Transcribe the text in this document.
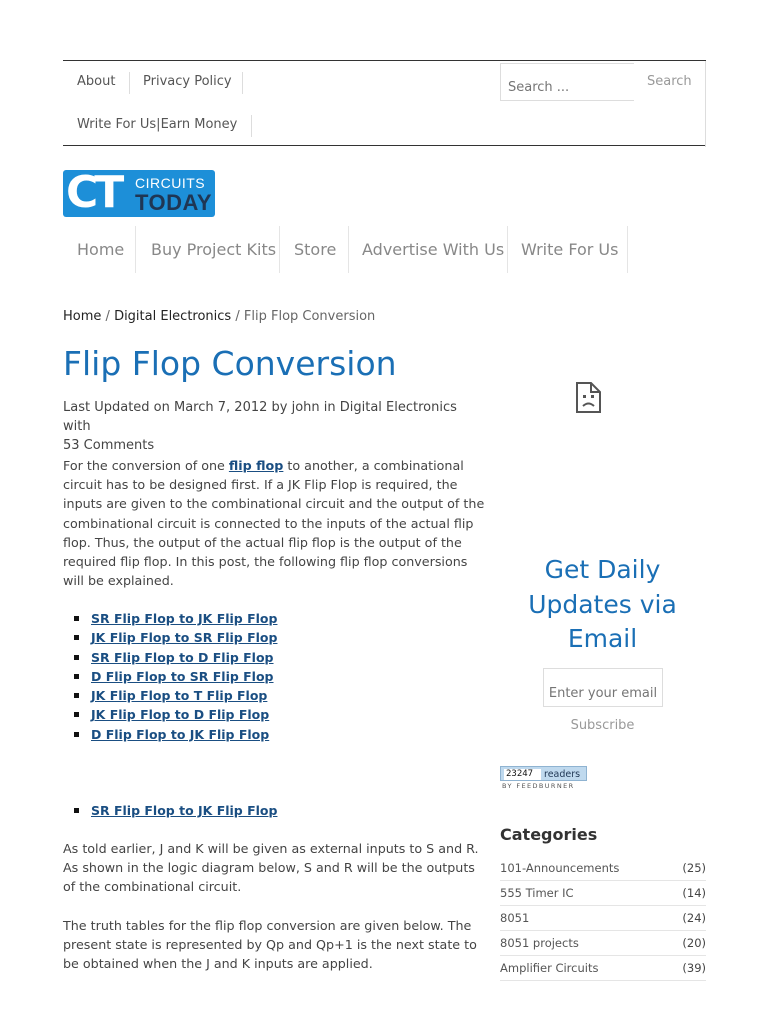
About Privacy Policy
Write For Us|Earn Money
Search ...
Search
CT CIRCUITS
TODAY
Home Buy Project Kits Store Advertise With Us Write For Us
Home / Digital Electronics / Flip Flop Conversion
Flip Flop Conversion
Last Updated on March 7, 2012 by john in Digital Electronics with
53 Comments

For the conversion of one flip flop to another, a combinational circuit has to be designed first. If a JK Flip Flop is required, the inputs are given to the combinational circuit and the output of the combinational circuit is connected to the inputs of the actual flip flop. Thus, the output of the actual flip flop is the output of the required flip flop. In this post, the following flip flop conversions will be explained.

SR Flip Flop to JK Flip Flop
JK Flip Flop to SR Flip Flop
SR Flip Flop to D Flip Flop
D Flip Flop to SR Flip Flop
JK Flip Flop to T Flip Flop
JK Flip Flop to D Flip Flop
D Flip Flop to JK Flip Flop
SR Flip Flop to JK Flip Flop

As told earlier, J and K will be given as external inputs to S and R. As shown in the logic diagram below, S and R will be the outputs of the combinational circuit.

The truth tables for the flip flop conversion are given below. The present state is represented by Qp and Qp+1 is the next state to be obtained when the J and K inputs are applied.

Get Daily
Updates via
Email
Enter your email
Subscribe
23247	readers
BY FEEDBURNER
Categories
101-Announcements	(25)
555 Timer IC	(14)
8051	(24)
8051 projects	(20)
Amplifier Circuits	(39)
